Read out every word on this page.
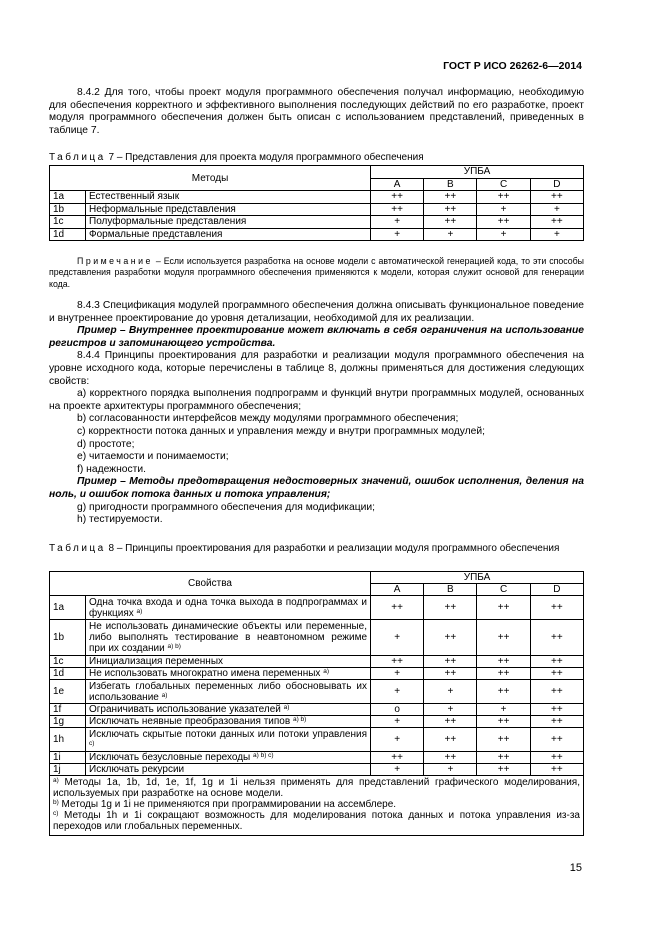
ГОСТ Р ИСО 26262-6—2014

8.4.2 Для того, чтобы проект модуля программного обеспечения получал информацию, необходимую для обеспечения корректного и эффективного выполнения последующих действий по его разработке, проект модуля программного обеспечения должен быть описан с использованием представлений, приведенных в таблице 7.

Таблица 7 – Представления для проекта модуля программного обеспечения
Методы		УПБА			
		A	B	C	D
1a	Естественный язык	++	++	++	++
1b	Неформальные представления	++	++	+	+
1c	Полуформальные представления	+	++	++	++
1d	Формальные представления	+	+	+	+

Примечание – Если используется разработка на основе модели с автоматической генерацией кода, то эти способы представления разработки модуля программного обеспечения применяются к модели, которая служит основой для генерации кода.

8.4.3 Спецификация модулей программного обеспечения должна описывать функциональное поведение и внутреннее проектирование до уровня детализации, необходимой для их реализации.

Пример – Внутреннее проектирование может включать в себя ограничения на использование регистров и запоминающего устройства.

8.4.4 Принципы проектирования для разработки и реализации модуля программного обеспечения на уровне исходного кода, которые перечислены в таблице 8, должны применяться для достижения следующих свойств:

a) корректного порядка выполнения подпрограмм и функций внутри программных модулей, основанных на проекте архитектуры программного обеспечения;

b) согласованности интерфейсов между модулями программного обеспечения;

c) корректности потока данных и управления между и внутри программных модулей;

d) простоте;

e) читаемости и понимаемости;

f) надежности.

Пример – Методы предотвращения недостоверных значений, ошибок исполнения, деления на ноль, и ошибок потока данных и потока управления;

g) пригодности программного обеспечения для модификации;

h) тестируемости.

Таблица 8 – Принципы проектирования для разработки и реализации модуля программного обеспечения

Свойства		УПБА			
		A	B	C	D
1a	Одна точка входа и одна точка выхода в подпрограммах и функциях $^{a)}$	++	++	++	++
1b	Не использовать динамические объекты или переменные, либо выполнять тестирование в неавтономном режиме при их создании $^{a) b)}$	+	++	++	++
1c	Инициализация переменных	++	++	++	++
1d	Не использовать многократно имена переменных $^{a)}$	+	++	++	++
1e	Избегать глобальных переменных либо обосновывать их использование $^{a)}$	+	+	++	++
1f	Ограничивать использование указателей $^{a)}$	o	+	+	++
1g	Исключать неявные преобразования типов $^{a) b)}$	+	++	++	++
1h	Исключать скрытые потоки данных или потоки управления $^{c)}$	+	++	++	++
1i	Исключать безусловные переходы $^{a) b) c)}$	++	++	++	++
1j	Исключать рекурсии	+	+	++	++

$^{a)}$ Методы 1a, 1b, 1d, 1e, 1f, 1g и 1i нельзя применять для представлений графического моделирования, используемых при разработке на основе модели.
$^{b)}$ Методы 1g и 1i не применяются при программировании на ассемблере.
$^{c)}$ Методы 1h и 1i сокращают возможность для моделирования потока данных и потока управления из-за переходов или глобальных переменных.					
15
